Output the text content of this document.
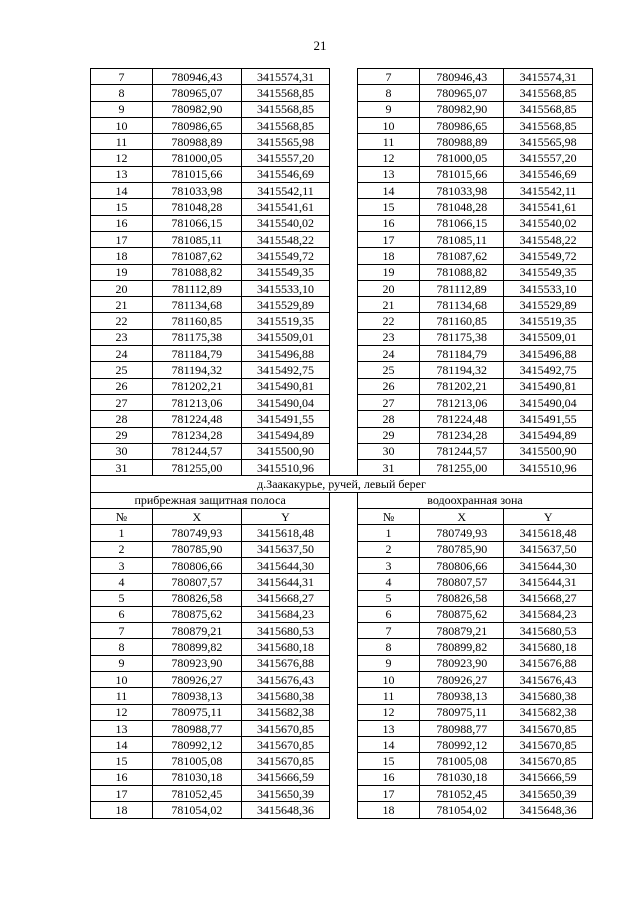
21
7	780946,43	3415574,31		7	780946,43	3415574,31
8	780965,07	3415568,85		8	780965,07	3415568,85
9	780982,90	3415568,85		9	780982,90	3415568,85
10	780986,65	3415568,85		10	780986,65	3415568,85
11	780988,89	3415565,98		11	780988,89	3415565,98
12	781000,05	3415557,20		12	781000,05	3415557,20
13	781015,66	3415546,69		13	781015,66	3415546,69
14	781033,98	3415542,11		14	781033,98	3415542,11
15	781048,28	3415541,61		15	781048,28	3415541,61
16	781066,15	3415540,02		16	781066,15	3415540,02
17	781085,11	3415548,22		17	781085,11	3415548,22
18	781087,62	3415549,72		18	781087,62	3415549,72
19	781088,82	3415549,35		19	781088,82	3415549,35
20	781112,89	3415533,10		20	781112,89	3415533,10
21	781134,68	3415529,89		21	781134,68	3415529,89
22	781160,85	3415519,35		22	781160,85	3415519,35
23	781175,38	3415509,01		23	781175,38	3415509,01
24	781184,79	3415496,88		24	781184,79	3415496,88
25	781194,32	3415492,75		25	781194,32	3415492,75
26	781202,21	3415490,81		26	781202,21	3415490,81
27	781213,06	3415490,04		27	781213,06	3415490,04
28	781224,48	3415491,55		28	781224,48	3415491,55
29	781234,28	3415494,89		29	781234,28	3415494,89
30	781244,57	3415500,90		30	781244,57	3415500,90
31	781255,00	3415510,96		31	781255,00	3415510,96
д.Заакакурье, ручей, левый берег						
прибрежная защитная полоса				водоохранная зона		
№	X	Y		№	X	Y
1	780749,93	3415618,48		1	780749,93	3415618,48
2	780785,90	3415637,50		2	780785,90	3415637,50
3	780806,66	3415644,30		3	780806,66	3415644,30
4	780807,57	3415644,31		4	780807,57	3415644,31
5	780826,58	3415668,27		5	780826,58	3415668,27
6	780875,62	3415684,23		6	780875,62	3415684,23
7	780879,21	3415680,53		7	780879,21	3415680,53
8	780899,82	3415680,18		8	780899,82	3415680,18
9	780923,90	3415676,88		9	780923,90	3415676,88
10	780926,27	3415676,43		10	780926,27	3415676,43
11	780938,13	3415680,38		11	780938,13	3415680,38
12	780975,11	3415682,38		12	780975,11	3415682,38
13	780988,77	3415670,85		13	780988,77	3415670,85
14	780992,12	3415670,85		14	780992,12	3415670,85
15	781005,08	3415670,85		15	781005,08	3415670,85
16	781030,18	3415666,59		16	781030,18	3415666,59
17	781052,45	3415650,39		17	781052,45	3415650,39
18	781054,02	3415648,36		18	781054,02	3415648,36
